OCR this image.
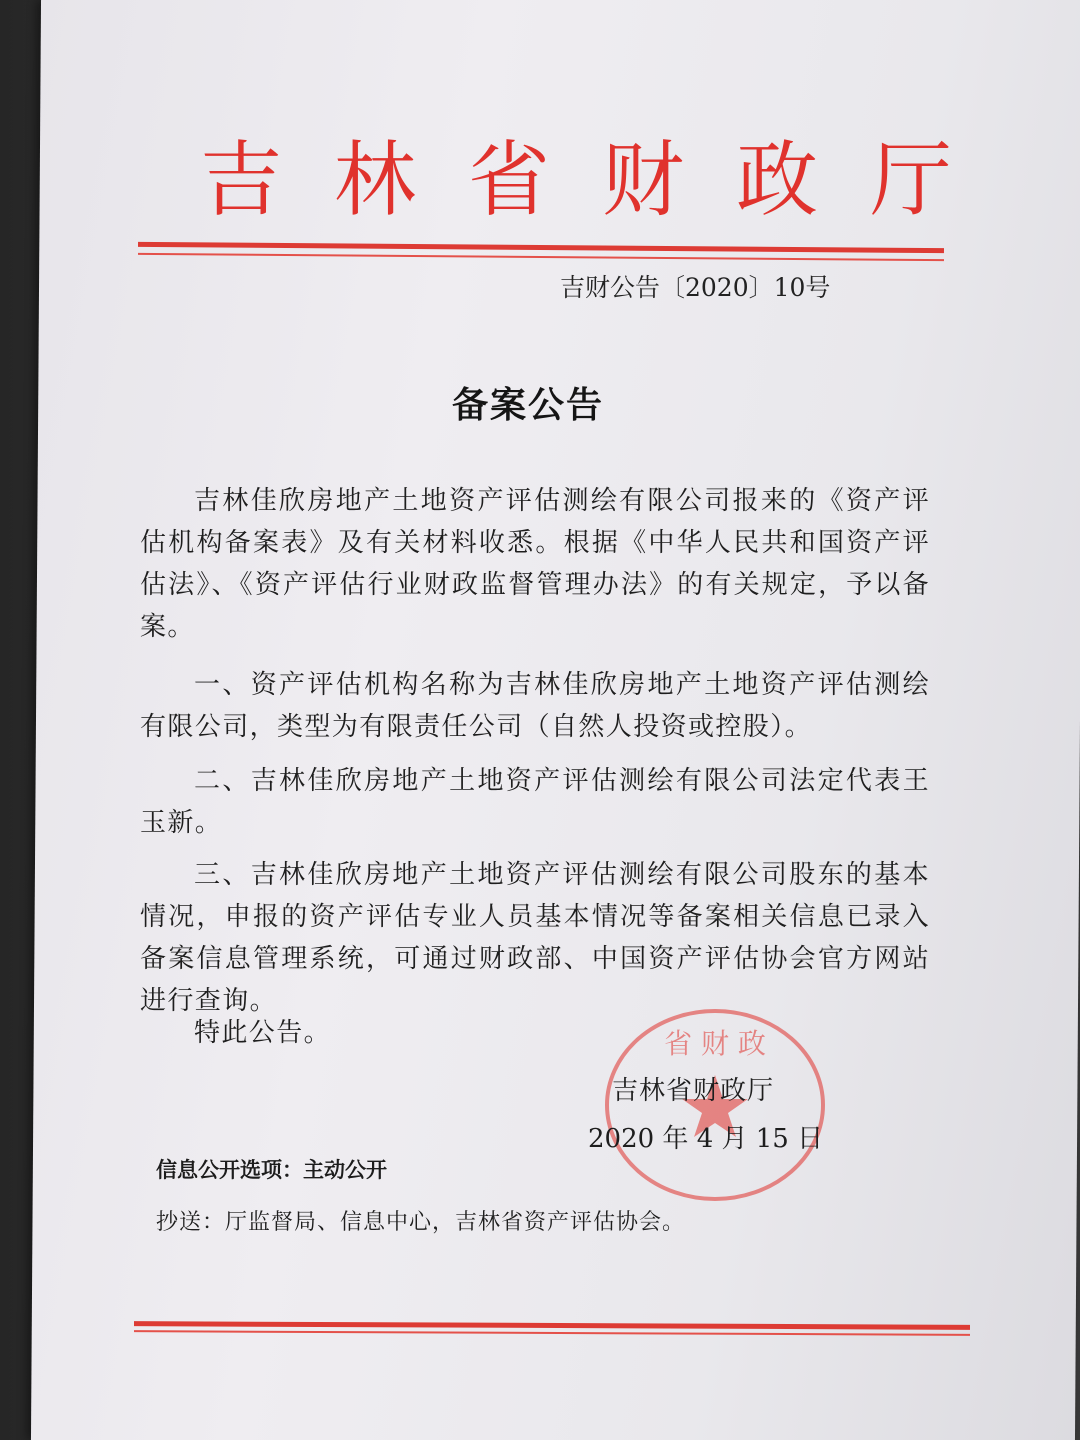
吉林省财政厅
吉财公告〔2020〕10号
备案公告
吉林佳欣房地产土地资产评估测绘有限公司报来的《资产评估机构备案表》及有关材料收悉。根据《中华人民共和国资产评估法》、《资产评估行业财政监督管理办法》的有关规定，予以备案。
一、资产评估机构名称为吉林佳欣房地产土地资产评估测绘有限公司，类型为有限责任公司（自然人投资或控股）。
二、吉林佳欣房地产土地资产评估测绘有限公司法定代表王玉新。
三、吉林佳欣房地产土地资产评估测绘有限公司股东的基本情况，申报的资产评估专业人员基本情况等备案相关信息已录入备案信息管理系统，可通过财政部、中国资产评估协会官方网站进行查询。
特此公告。	省 财 政
吉林省财政厅
2020 年 4 月 15 日
信息公开选项：主动公开
抄送：厅监督局、信息中心，吉林省资产评估协会。
